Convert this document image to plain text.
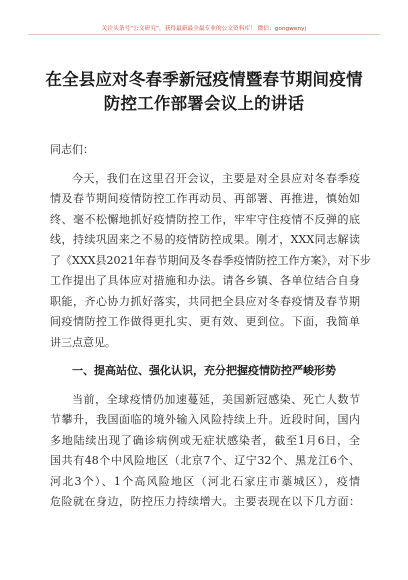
关注头条号“公文研究”，获得最新最全最专业的公文资料库！ 微信：gongwenyj
在全县应对冬春季新冠疫情暨春节期间疫情
防控工作部署会议上的讲话
同志们：
今天，我们在这里召开会议，主要是对全县应对冬春季疫
情及春节期间疫情防控工作再动员、再部署、再推进，慎始如
终、毫不松懈地抓好疫情防控工作，牢牢守住疫情不反弹的底
线，持续巩固来之不易的疫情防控成果。刚才，XXX同志解读
了《XXX县2021年春节期间及冬春季疫情防控工作方案》，对下步
工作提出了具体应对措施和办法。请各乡镇、各单位结合自身
职能，齐心协力抓好落实，共同把全县应对冬春疫情及春节期
间疫情防控工作做得更扎实、更有效、更到位。下面，我简单
讲三点意见。
一、提高站位、强化认识，充分把握疫情防控严峻形势
当前，全球疫情仍加速蔓延，美国新冠感染、死亡人数节
节攀升，我国面临的境外输入风险持续上升。近段时间，国内
多地陆续出现了确诊病例或无症状感染者，截至1月6日，全
国共有48个中风险地区（北京7个、辽宁32个、黑龙江6个、
河北3个）、1个高风险地区（河北石家庄市藁城区），疫情
危险就在身边，防控压力持续增大。主要表现在以下几方面：
